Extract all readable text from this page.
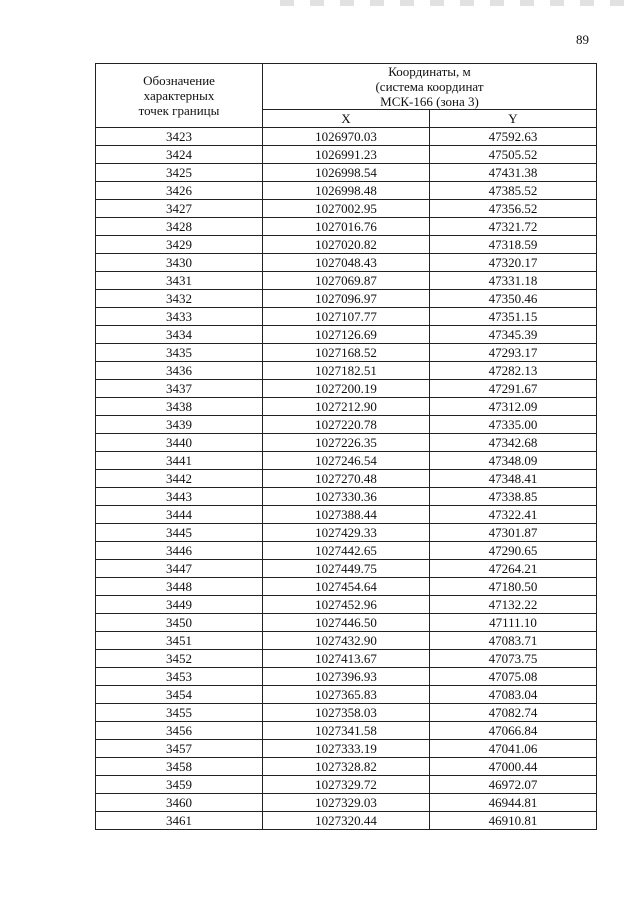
89
Обозначение
характерных
точек границы	Координаты, м
(система координат
МСК-166 (зона 3)	

	X	Y
3423	1026970.03	47592.63
3424	1026991.23	47505.52
3425	1026998.54	47431.38
3426	1026998.48	47385.52
3427	1027002.95	47356.52
3428	1027016.76	47321.72
3429	1027020.82	47318.59
3430	1027048.43	47320.17
3431	1027069.87	47331.18
3432	1027096.97	47350.46
3433	1027107.77	47351.15
3434	1027126.69	47345.39
3435	1027168.52	47293.17
3436	1027182.51	47282.13
3437	1027200.19	47291.67
3438	1027212.90	47312.09
3439	1027220.78	47335.00
3440	1027226.35	47342.68
3441	1027246.54	47348.09
3442	1027270.48	47348.41
3443	1027330.36	47338.85
3444	1027388.44	47322.41
3445	1027429.33	47301.87
3446	1027442.65	47290.65
3447	1027449.75	47264.21
3448	1027454.64	47180.50
3449	1027452.96	47132.22
3450	1027446.50	47111.10
3451	1027432.90	47083.71
3452	1027413.67	47073.75
3453	1027396.93	47075.08
3454	1027365.83	47083.04
3455	1027358.03	47082.74
3456	1027341.58	47066.84
3457	1027333.19	47041.06
3458	1027328.82	47000.44
3459	1027329.72	46972.07
3460	1027329.03	46944.81
3461	1027320.44	46910.81
